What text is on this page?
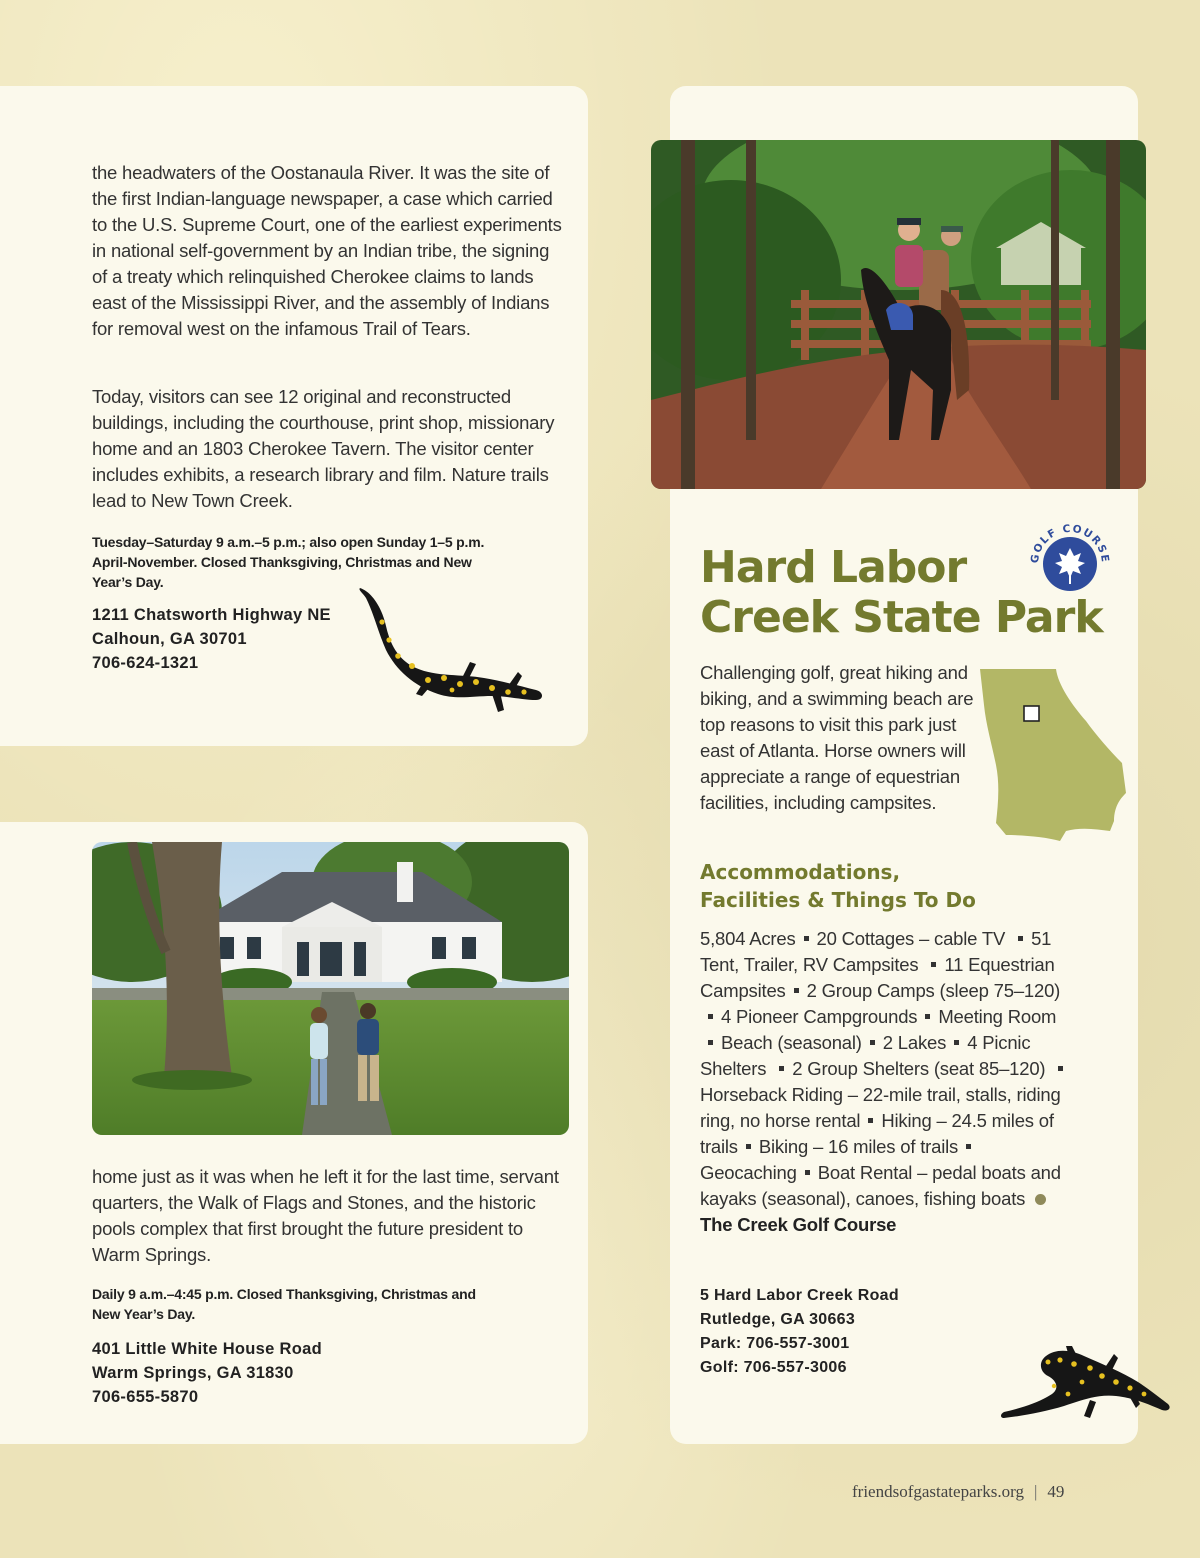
the headwaters of the Oostanaula River. It was the site of the first Indian-language newspaper, a case which carried to the U.S. Supreme Court, one of the earliest experiments in national self-government by an Indian tribe, the signing of a treaty which relinquished Cherokee claims to lands east of the Mississippi River, and the assembly of Indians for removal west on the infamous Trail of Tears.
Today, visitors can see 12 original and reconstructed buildings, including the courthouse, print shop, missionary home and an 1803 Cherokee Tavern. The visitor center includes exhibits, a research library and film. Nature trails lead to New Town Creek.
Tuesday–Saturday 9 a.m.–5 p.m.; also open Sunday 1–5 p.m. April-November. Closed Thanksgiving, Christmas and New Year’s Day.
1211 Chatsworth Highway NE
Calhoun, GA 30701
706-624-1321
home just as it was when he left it for the last time, servant quarters, the Walk of Flags and Stones, and the historic pools complex that first brought the future president to Warm Springs.
Daily 9 a.m.–4:45 p.m. Closed Thanksgiving, Christmas and New Year’s Day.
401 Little White House Road
Warm Springs, GA 31830
706-655-5870
GOLF COURSE
Hard Labor
Creek State Park
Challenging golf, great hiking and biking, and a swimming beach are top reasons to visit this park just east of Atlanta. Horse owners will appreciate a range of equestrian facilities, including campsites.
Accommodations,
Facilities & Things To Do
5,804 Acres 20 Cottages – cable TV 51 Tent, Trailer, RV Campsites 11 Equestrian Campsites 2 Group Camps (sleep 75–120)4 Pioneer Campgrounds Meeting RoomBeach (seasonal) 2 Lakes 4 Picnic Shelters 2 Group Shelters (seat 85–120) Horseback Riding – 22-mile trail, stalls, riding ring, no horse rental Hiking – 24.5 miles of trails Biking – 16 miles of trailsGeocaching Boat Rental – pedal boats and kayaks (seasonal), canoes, fishing boatsThe Creek Golf Course
5 Hard Labor Creek Road
Rutledge, GA 30663
Park: 706-557-3001
Golf: 706-557-3006
friendsofgastateparks.org | 49
